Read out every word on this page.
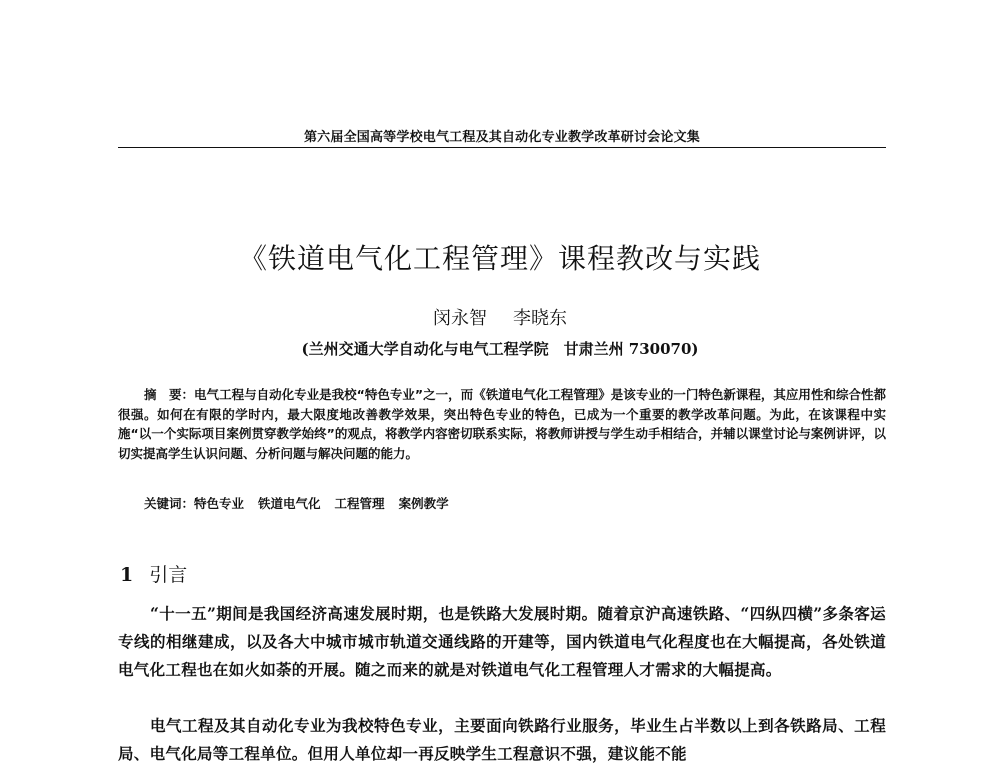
第六届全国高等学校电气工程及其自动化专业教学改革研讨会论文集
《铁道电气化工程管理》课程教改与实践
闵永智 李晓东
(兰州交通大学自动化与电气工程学院　甘肃兰州 730070)
摘　要：电气工程与自动化专业是我校“特色专业”之一，而《铁道电气化工程管理》是该专业的一门特色新课程，其应用性和综合性都很强。如何在有限的学时内，最大限度地改善教学效果，突出特色专业的特色，已成为一个重要的教学改革问题。为此，在该课程中实施“以一个实际项目案例贯穿教学始终”的观点，将教学内容密切联系实际，将教师讲授与学生动手相结合，并辅以课堂讨论与案例讲评，以切实提高学生认识问题、分析问题与解决问题的能力。
关键词：特色专业 铁道电气化 工程管理 案例教学
1 引言
“十一五”期间是我国经济高速发展时期，也是铁路大发展时期。随着京沪高速铁路、“四纵四横”多条客运专线的相继建成，以及各大中城市城市轨道交通线路的开建等，国内铁道电气化程度也在大幅提高，各处铁道电气化工程也在如火如荼的开展。随之而来的就是对铁道电气化工程管理人才需求的大幅提高。
电气工程及其自动化专业为我校特色专业，主要面向铁路行业服务，毕业生占半数以上到各铁路局、工程局、电气化局等工程单位。但用人单位却一再反映学生工程意识不强，建议能不能
